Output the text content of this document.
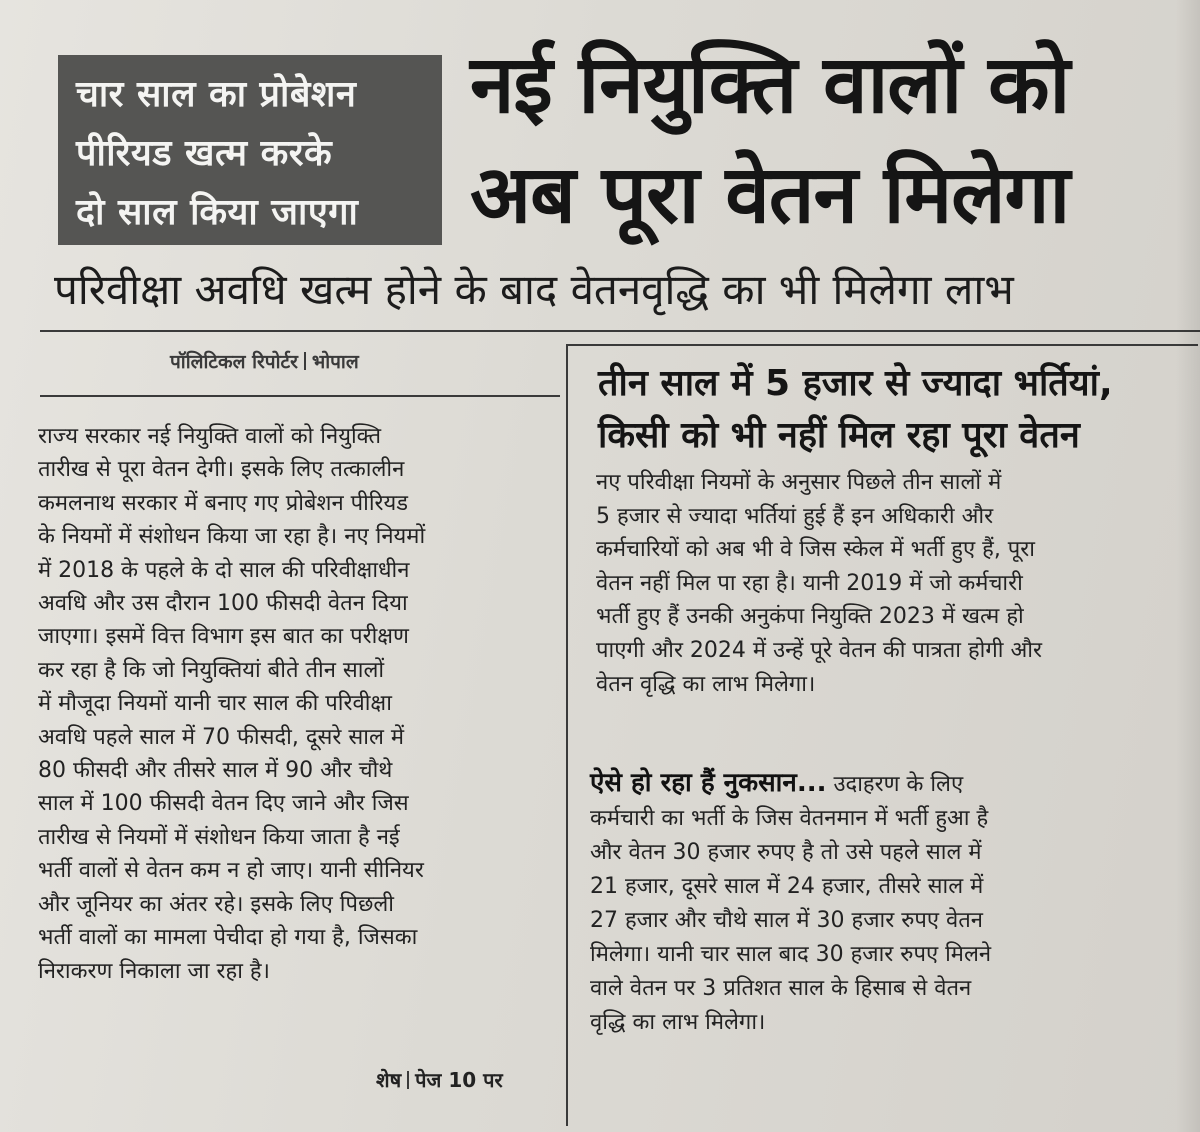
चार साल का प्रोबेशन
पीरियड खत्म करके
दो साल किया जाएगा
नई नियुक्ति वालों को
अब पूरा वेतन मिलेगा
परिवीक्षा अवधि खत्म होने के बाद वेतनवृद्धि का भी मिलेगा लाभ
पॉलिटिकल रिपोर्टर भोपाल
राज्य सरकार नई नियुक्ति वालों को नियुक्ति
तारीख से पूरा वेतन देगी। इसके लिए तत्कालीन
कमलनाथ सरकार में बनाए गए प्रोबेशन पीरियड
के नियमों में संशोधन किया जा रहा है। नए नियमों
में 2018 के पहले के दो साल की परिवीक्षाधीन
अवधि और उस दौरान 100 फीसदी वेतन दिया
जाएगा। इसमें वित्त विभाग इस बात का परीक्षण
कर रहा है कि जो नियुक्तियां बीते तीन सालों
में मौजूदा नियमों यानी चार साल की परिवीक्षा
अवधि पहले साल में 70 फीसदी, दूसरे साल में
80 फीसदी और तीसरे साल में 90 और चौथे
साल में 100 फीसदी वेतन दिए जाने और जिस
तारीख से नियमों में संशोधन किया जाता है नई
भर्ती वालों से वेतन कम न हो जाए। यानी सीनियर
और जूनियर का अंतर रहे। इसके लिए पिछली
भर्ती वालों का मामला पेचीदा हो गया है, जिसका
निराकरण निकाला जा रहा है।
शेष पेज 10 पर
तीन साल में 5 हजार से ज्यादा भर्तियां,
किसी को भी नहीं मिल रहा पूरा वेतन
नए परिवीक्षा नियमों के अनुसार पिछले तीन सालों में
5 हजार से ज्यादा भर्तियां हुई हैं इन अधिकारी और
कर्मचारियों को अब भी वे जिस स्केल में भर्ती हुए हैं, पूरा
वेतन नहीं मिल पा रहा है। यानी 2019 में जो कर्मचारी
भर्ती हुए हैं उनकी अनुकंपा नियुक्ति 2023 में खत्म हो
पाएगी और 2024 में उन्हें पूरे वेतन की पात्रता होगी और
वेतन वृद्धि का लाभ मिलेगा।
ऐसे हो रहा हैं नुकसान... उदाहरण के लिए
कर्मचारी का भर्ती के जिस वेतनमान में भर्ती हुआ है
और वेतन 30 हजार रुपए है तो उसे पहले साल में
21 हजार, दूसरे साल में 24 हजार, तीसरे साल में
27 हजार और चौथे साल में 30 हजार रुपए वेतन
मिलेगा। यानी चार साल बाद 30 हजार रुपए मिलने
वाले वेतन पर 3 प्रतिशत साल के हिसाब से वेतन
वृद्धि का लाभ मिलेगा।
